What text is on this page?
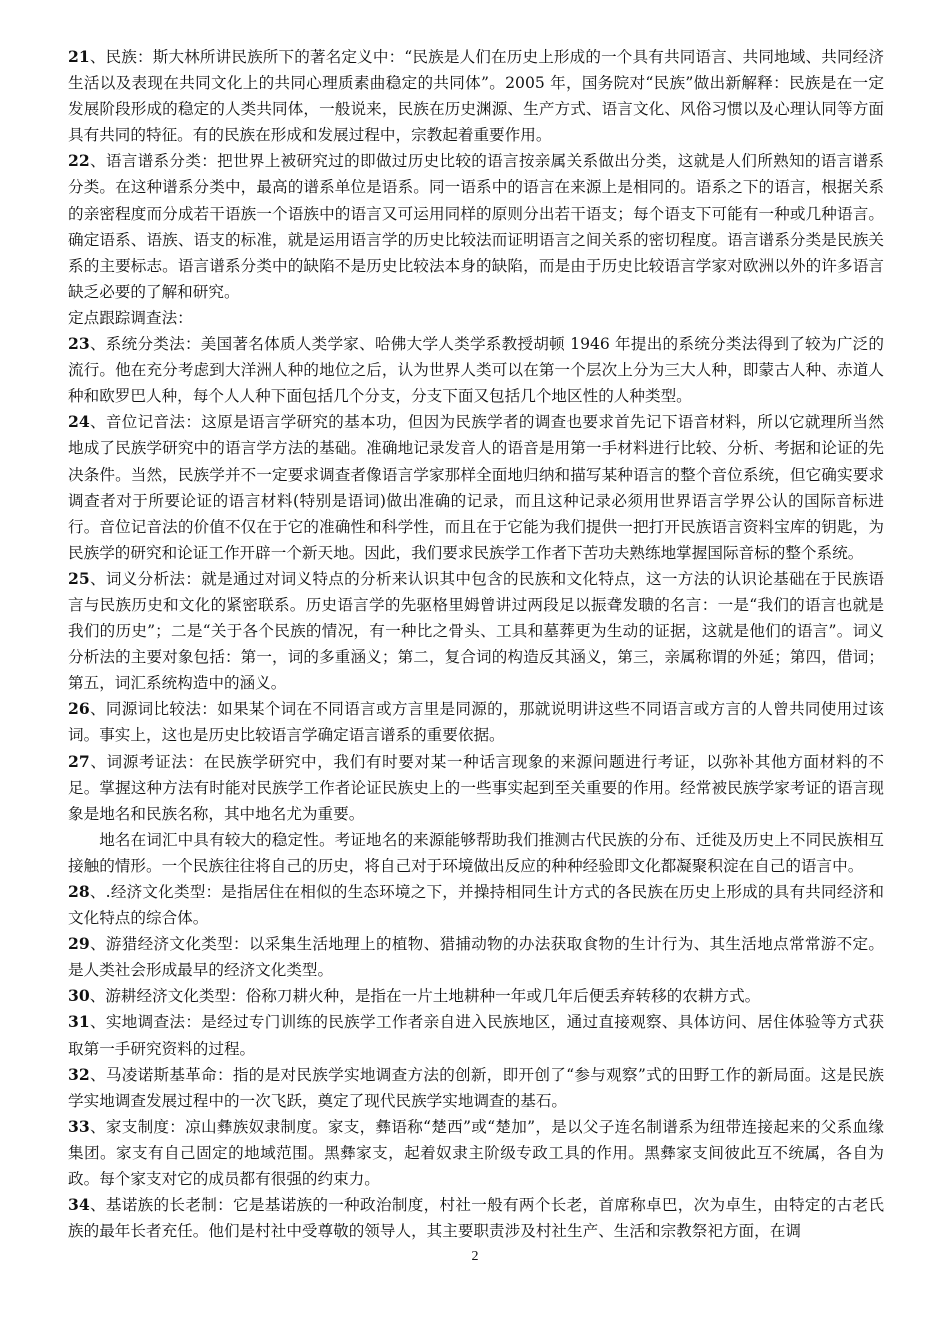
21、民族：斯大林所讲民族所下的著名定义中：“民族是人们在历史上形成的一个具有共同语言、共同地域、共同经济生活以及表现在共同文化上的共同心理质素曲稳定的共同体”。2005 年，国务院对“民族”做出新解释：民族是在一定发展阶段形成的稳定的人类共同体，一般说来，民族在历史渊源、生产方式、语言文化、风俗习惯以及心理认同等方面具有共同的特征。有的民族在形成和发展过程中，宗教起着重要作用。

22、语言谱系分类：把世界上被研究过的即做过历史比较的语言按亲属关系做出分类，这就是人们所熟知的语言谱系分类。在这种谱系分类中，最高的谱系单位是语系。同一语系中的语言在来源上是相同的。语系之下的语言，根据关系的亲密程度而分成若干语族一个语族中的语言又可运用同样的原则分出若干语支；每个语支下可能有一种或几种语言。确定语系、语族、语支的标准，就是运用语言学的历史比较法而证明语言之间关系的密切程度。语言谱系分类是民族关系的主要标志。语言谱系分类中的缺陷不是历史比较法本身的缺陷，而是由于历史比较语言学家对欧洲以外的许多语言缺乏必要的了解和研究。

定点跟踪调查法：

23、系统分类法：美国著名体质人类学家、哈佛大学人类学系教授胡顿 1946 年提出的系统分类法得到了较为广泛的流行。他在充分考虑到大洋洲人种的地位之后，认为世界人类可以在第一个层次上分为三大人种，即蒙古人种、赤道人种和欧罗巴人种，每个人人种下面包括几个分支，分支下面又包括几个地区性的人种类型。

24、音位记音法：这原是语言学研究的基本功，但因为民族学者的调查也要求首先记下语音材料，所以它就理所当然地成了民族学研究中的语言学方法的基础。准确地记录发音人的语音是用第一手材料进行比较、分析、考据和论证的先决条件。当然，民族学并不一定要求调查者像语言学家那样全面地归纳和描写某种语言的整个音位系统，但它确实要求调查者对于所要论证的语言材料(特别是语词)做出准确的记录，而且这种记录必须用世界语言学界公认的国际音标进行。音位记音法的价值不仅在于它的准确性和科学性，而且在于它能为我们提供一把打开民族语言资料宝库的钥匙，为民族学的研究和论证工作开辟一个新天地。因此，我们要求民族学工作者下苦功夫熟练地掌握国际音标的整个系统。

25、词义分析法：就是通过对词义特点的分析来认识其中包含的民族和文化特点，这一方法的认识论基础在于民族语言与民族历史和文化的紧密联系。历史语言学的先驱格里姆曾讲过两段足以振聋发聩的名言：一是“我们的语言也就是我们的历史”；二是“关于各个民族的情况，有一种比之骨头、工具和墓葬更为生动的证据，这就是他们的语言”。词义分析法的主要对象包括：第一，词的多重涵义；第二，复合词的构造反其涵义，第三，亲属称谓的外延；第四，借词；第五，词汇系统构造中的涵义。

26、同源词比较法：如果某个词在不同语言或方言里是同源的，那就说明讲这些不同语言或方言的人曾共同使用过该词。事实上，这也是历史比较语言学确定语言谱系的重要依据。

27、词源考证法：在民族学研究中，我们有时要对某一种话言现象的来源问题进行考证，以弥补其他方面材料的不足。掌握这种方法有时能对民族学工作者论证民族史上的一些事实起到至关重要的作用。经常被民族学家考证的语言现象是地名和民族名称，其中地名尤为重要。

地名在词汇中具有较大的稳定性。考证地名的来源能够帮助我们推测古代民族的分布、迁徙及历史上不同民族相互接触的情形。一个民族往往将自己的历史，将自己对于环境做出反应的种种经验即文化都凝聚积淀在自己的语言中。

28、.经济文化类型：是指居住在相似的生态环境之下，并操持相同生计方式的各民族在历史上形成的具有共同经济和文化特点的综合体。

29、游猎经济文化类型：以采集生活地理上的植物、猎捕动物的办法获取食物的生计行为、其生活地点常常游不定。是人类社会形成最早的经济文化类型。

30、游耕经济文化类型：俗称刀耕火种，是指在一片土地耕种一年或几年后便丢弃转移的农耕方式。

31、实地调查法：是经过专门训练的民族学工作者亲自进入民族地区，通过直接观察、具体访问、居住体验等方式获取第一手研究资料的过程。

32、马凌诺斯基革命：指的是对民族学实地调查方法的创新，即开创了“参与观察”式的田野工作的新局面。这是民族学实地调查发展过程中的一次飞跃，奠定了现代民族学实地调查的基石。

33、家支制度：凉山彝族奴隶制度。家支，彝语称“楚西”或“楚加”，是以父子连名制谱系为纽带连接起来的父系血缘集团。家支有自己固定的地域范围。黑彝家支，起着奴隶主阶级专政工具的作用。黑彝家支间彼此互不统属，各自为政。每个家支对它的成员都有很强的约束力。

34、基诺族的长老制：它是基诺族的一种政治制度，村社一般有两个长老，首席称卓巴，次为卓生，由特定的古老氏族的最年长者充任。他们是村社中受尊敬的领导人，其主要职责涉及村社生产、生活和宗教祭祀方面，在调

2
